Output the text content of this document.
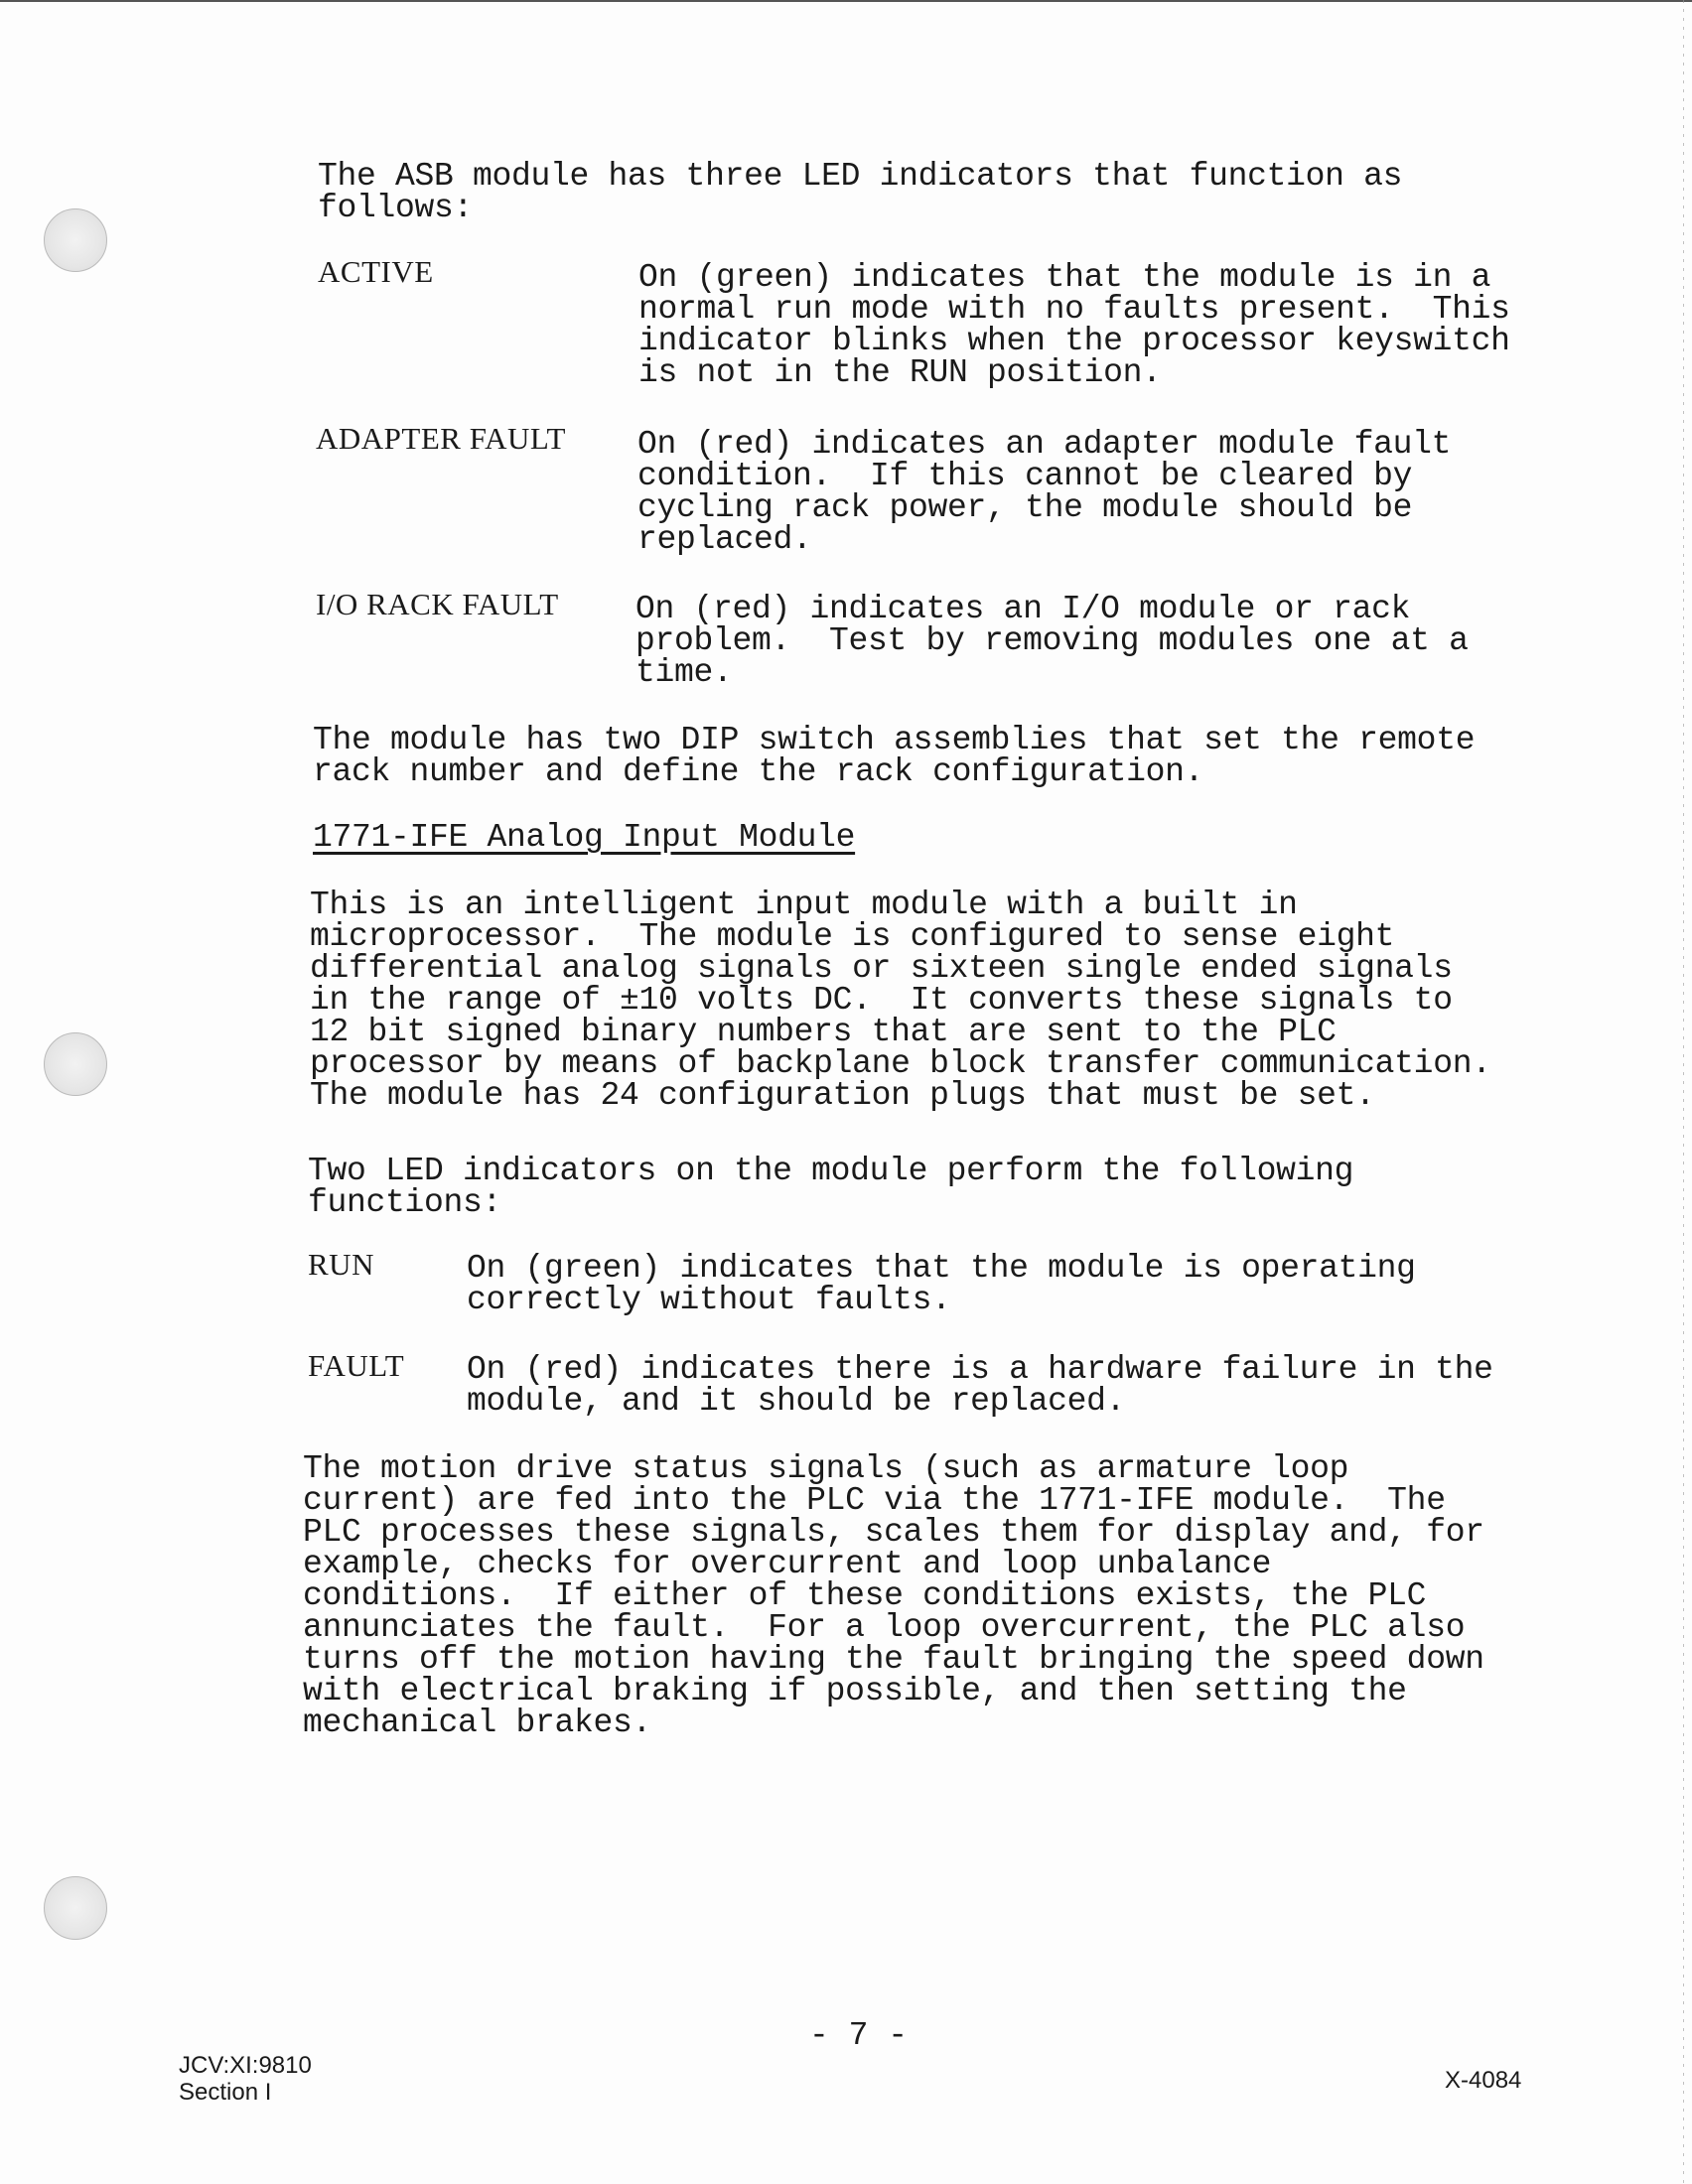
The ASB module has three LED indicators that function as
follows:

ACTIVE	On (green) indicates that the module is in a
normal run mode with no faults present.  This
indicator blinks when the processor keyswitch
is not in the RUN position.

ADAPTER FAULT On (red) indicates an adapter module fault
condition.  If this cannot be cleared by
cycling rack power, the module should be
replaced.

I/O RACK FAULT On (red) indicates an I/O module or rack
problem.  Test by removing modules one at a
time.

The module has two DIP switch assemblies that set the remote
rack number and define the rack configuration.

1771-IFE Analog Input Module

This is an intelligent input module with a built in
microprocessor.  The module is configured to sense eight
differential analog signals or sixteen single ended signals
in the range of ±10 volts DC.  It converts these signals to
12 bit signed binary numbers that are sent to the PLC
processor by means of backplane block transfer communication.
The module has 24 configuration plugs that must be set.

Two LED indicators on the module perform the following
functions:

RUN	On (green) indicates that the module is operating
correctly without faults.

FAULT On (red) indicates there is a hardware failure in the
module, and it should be replaced.

The motion drive status signals (such as armature loop
current) are fed into the PLC via the 1771-IFE module.  The
PLC processes these signals, scales them for display and, for
example, checks for overcurrent and loop unbalance
conditions.  If either of these conditions exists, the PLC
annunciates the fault.  For a loop overcurrent, the PLC also
turns off the motion having the fault bringing the speed down
with electrical braking if possible, and then setting the
mechanical brakes.

- 7 -
JCV:XI:9810
Section I	X-4084
